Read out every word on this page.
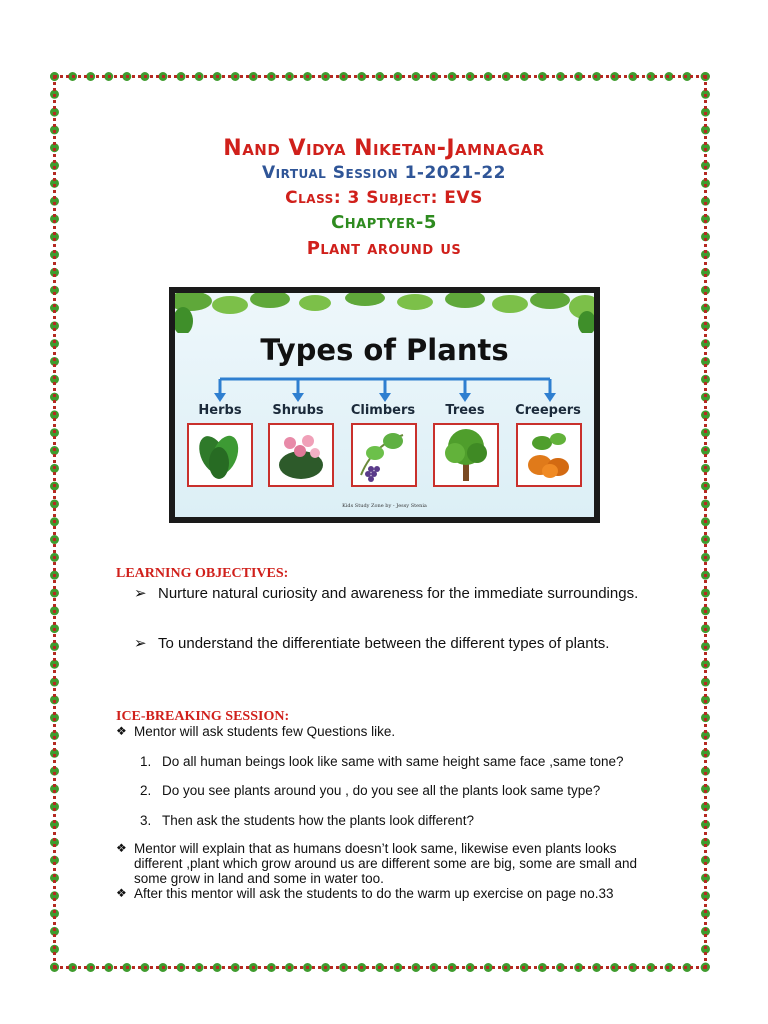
Nand Vidya Niketan-Jamnagar
Virtual Session 1-2021-22
Class: 3 Subject: EVS
Chaptyer-5
Plant around us
Types of Plants
Herbs	Shrubs	Climbers	Trees	Creepers
Kids Study Zone by - Jessy Stenia
LEARNING OBJECTIVES:
➢ Nurture natural curiosity and awareness for the immediate surroundings.
➢ To understand the differentiate between the different types of plants.
ICE-BREAKING SESSION:
❖ Mentor will ask students few Questions like.
1. Do all human beings look like same with same height same face ,same tone?
2. Do you see plants around you , do you see all the plants look same type?
3. Then ask the students how the plants look different?
❖ Mentor will explain that as humans doesn’t look same, likewise even plants looks different ,plant which grow around us are different some are big, some are small and some grow in land and some in water too.
❖ After this mentor will ask the students to do the warm up exercise on page no.33
